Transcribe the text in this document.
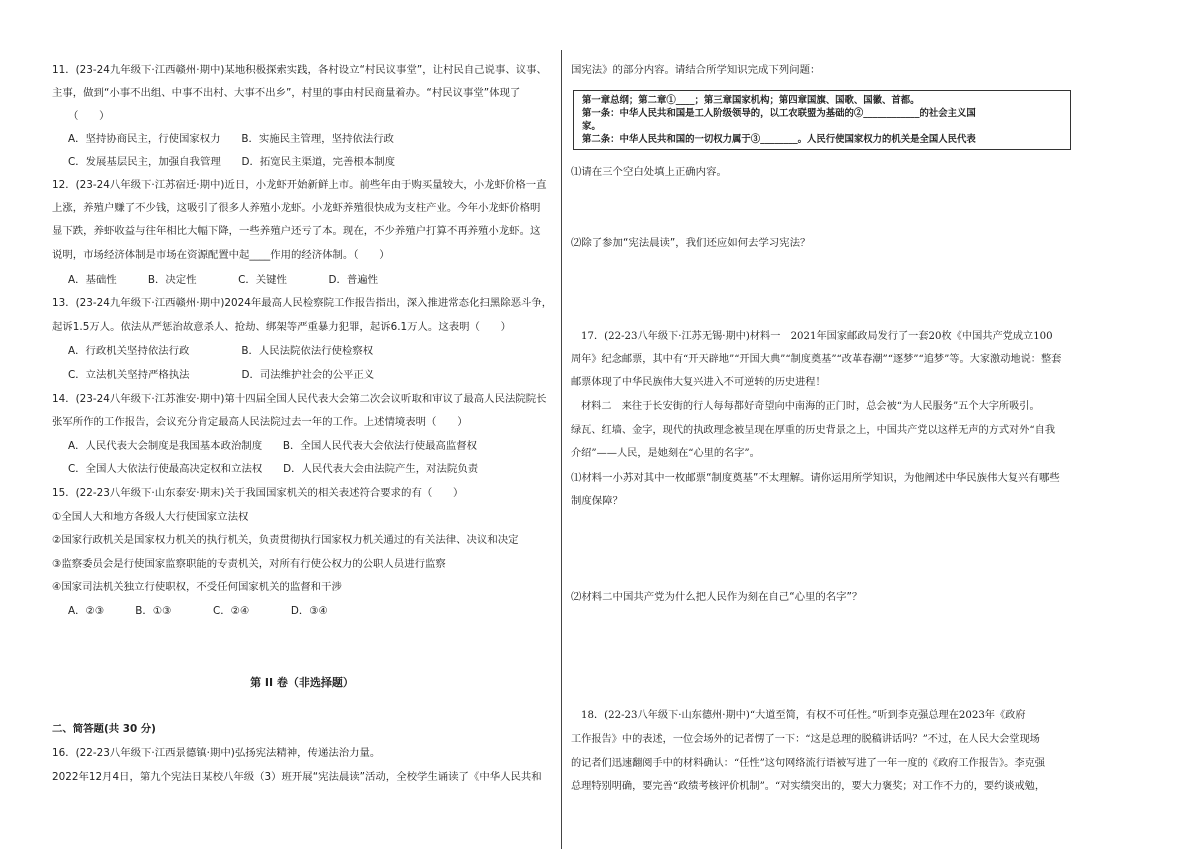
11．(23-24九年级下·江西赣州·期中)某地积极探索实践，各村设立“村民议事堂”，让村民自己说事、议事、
主事，做到“小事不出组、中事不出村、大事不出乡”，村里的事由村民商量着办。“村民议事堂”体现了
（　　）
A．坚持协商民主，行使国家权力　　B．实施民主管理，坚持依法行政
C．发展基层民主，加强自我管理　　D．拓宽民主渠道，完善根本制度
12．(23-24八年级下·江苏宿迁·期中)近日，小龙虾开始新鲜上市。前些年由于购买量较大，小龙虾价格一直
上涨，养殖户赚了不少钱，这吸引了很多人养殖小龙虾。小龙虾养殖很快成为支柱产业。今年小龙虾价格明
显下跌，养虾收益与往年相比大幅下降，一些养殖户还亏了本。现在，不少养殖户打算不再养殖小龙虾。这
说明，市场经济体制是市场在资源配置中起____作用的经济体制。（　　）
A．基础性　　　B．决定性　　　　C．关键性　　　　D．普遍性
13．(23-24九年级下·江西赣州·期中)2024年最高人民检察院工作报告指出，深入推进常态化扫黑除恶斗争，
起诉1.5万人。依法从严惩治故意杀人、抢劫、绑架等严重暴力犯罪，起诉6.1万人。这表明（　　）
A．行政机关坚持依法行政　　　　　B．人民法院依法行使检察权
C．立法机关坚持严格执法　　　　　D．司法维护社会的公平正义
14．(23-24八年级下·江苏淮安·期中)第十四届全国人民代表大会第二次会议听取和审议了最高人民法院院长
张军所作的工作报告，会议充分肯定最高人民法院过去一年的工作。上述情境表明（　　）
A．人民代表大会制度是我国基本政治制度　　B．全国人民代表大会依法行使最高监督权
C．全国人大依法行使最高决定权和立法权　　D．人民代表大会由法院产生，对法院负责
15．(22-23八年级下·山东泰安·期末)关于我国国家机关的相关表述符合要求的有（　　）
①全国人大和地方各级人大行使国家立法权
②国家行政机关是国家权力机关的执行机关，负责贯彻执行国家权力机关通过的有关法律、决议和决定
③监察委员会是行使国家监察职能的专责机关，对所有行使公权力的公职人员进行监察
④国家司法机关独立行使职权，不受任何国家机关的监督和干涉
A．②③　　　B．①③　　　　C．②④　　　　D．③④
第 II 卷（非选择题）
二、简答题(共 30 分)
16．(22-23八年级下·江西景德镇·期中)弘扬宪法精神，传递法治力量。
2022年12月4日，第九个宪法日某校八年级（3）班开展“宪法晨读”活动，全校学生诵读了《中华人民共和
国宪法》的部分内容。请结合所学知识完成下列问题：
第一章总纲；第二章①____；第三章国家机构；第四章国旗、国歌、国徽、首都。
第一条：中华人民共和国是工人阶级领导的，以工农联盟为基础的②____________的社会主义国
家。
第二条：中华人民共和国的一切权力属于③________。人民行使国家权力的机关是全国人民代表
⑴请在三个空白处填上正确内容。
⑵除了参加“宪法晨读”，我们还应如何去学习宪法？
17．(22-23八年级下·江苏无锡·期中)材料一　2021年国家邮政局发行了一套20枚《中国共产党成立100
周年》纪念邮票，其中有“开天辟地”“开国大典”“制度奠基”“改革春潮”“逐梦”“追梦”等。大家激动地说：整套
邮票体现了中华民族伟大复兴进入不可逆转的历史进程！
材料二　来往于长安街的行人每每都好奇望向中南海的正门时，总会被“为人民服务”五个大字所吸引。
绿瓦、红墙、金字，现代的执政理念被呈现在厚重的历史背景之上，中国共产党以这样无声的方式对外“自我
介绍”——人民，是她刻在“心里的名字”。
⑴材料一小苏对其中一枚邮票“制度奠基”不太理解。请你运用所学知识，为他阐述中华民族伟大复兴有哪些
制度保障？
⑵材料二中国共产党为什么把人民作为刻在自己“心里的名字”？
18．(22-23八年级下·山东德州·期中)“大道至简，有权不可任性。”听到李克强总理在2023年《政府
工作报告》中的表述，一位会场外的记者愣了一下：“这是总理的脱稿讲话吗？”不过，在人民大会堂现场
的记者们迅速翻阅手中的材料确认：“任性”这句网络流行语被写进了一年一度的《政府工作报告》。李克强
总理特别明确，要完善“政绩考核评价机制”。“对实绩突出的，要大力褒奖；对工作不力的，要约谈戒勉，
